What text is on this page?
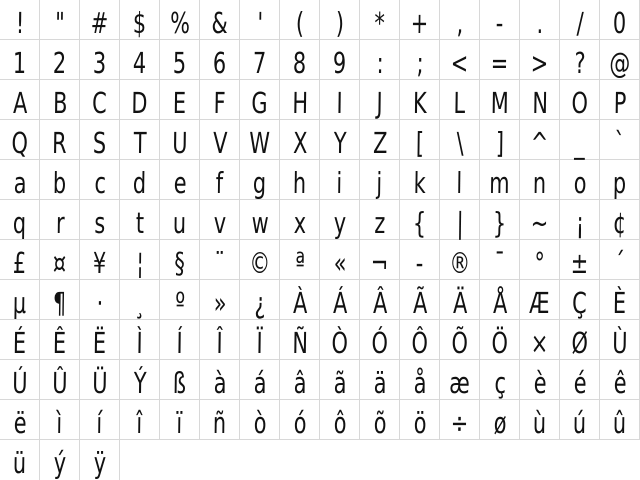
!	" # $ % & '	(	)	* + ,	-	.	/	0
1 2 3 4 5 6 7 8 9	:	; < = > ? @
A B C D E F G H I	J	K L M N O P
Q R S T U V W X Y Z [	\	] ^ _	`
a b c d e	f	g h	i	j	k	l m n o p
q r	s	t u v w x y z {	|	} ~ ¡ ¢
£ ¤ ¥	¦	§	¨ © ª « ¬ - ® ¯	° ± ´
µ ¶	·	¸	º » ¿ À Á Â Ã Ä Å Æ Ç È
É Ê Ë	Ì	Í	Î	Ï Ñ Ò Ó Ô Õ Ö × Ø Ù
Ú Û Ü Ý ß à á â ã ä å æ ç è é ê
ë	ì	í	î	ï	ñ ò ó ô õ ö ÷ ø ù ú û
ü ý ÿ
